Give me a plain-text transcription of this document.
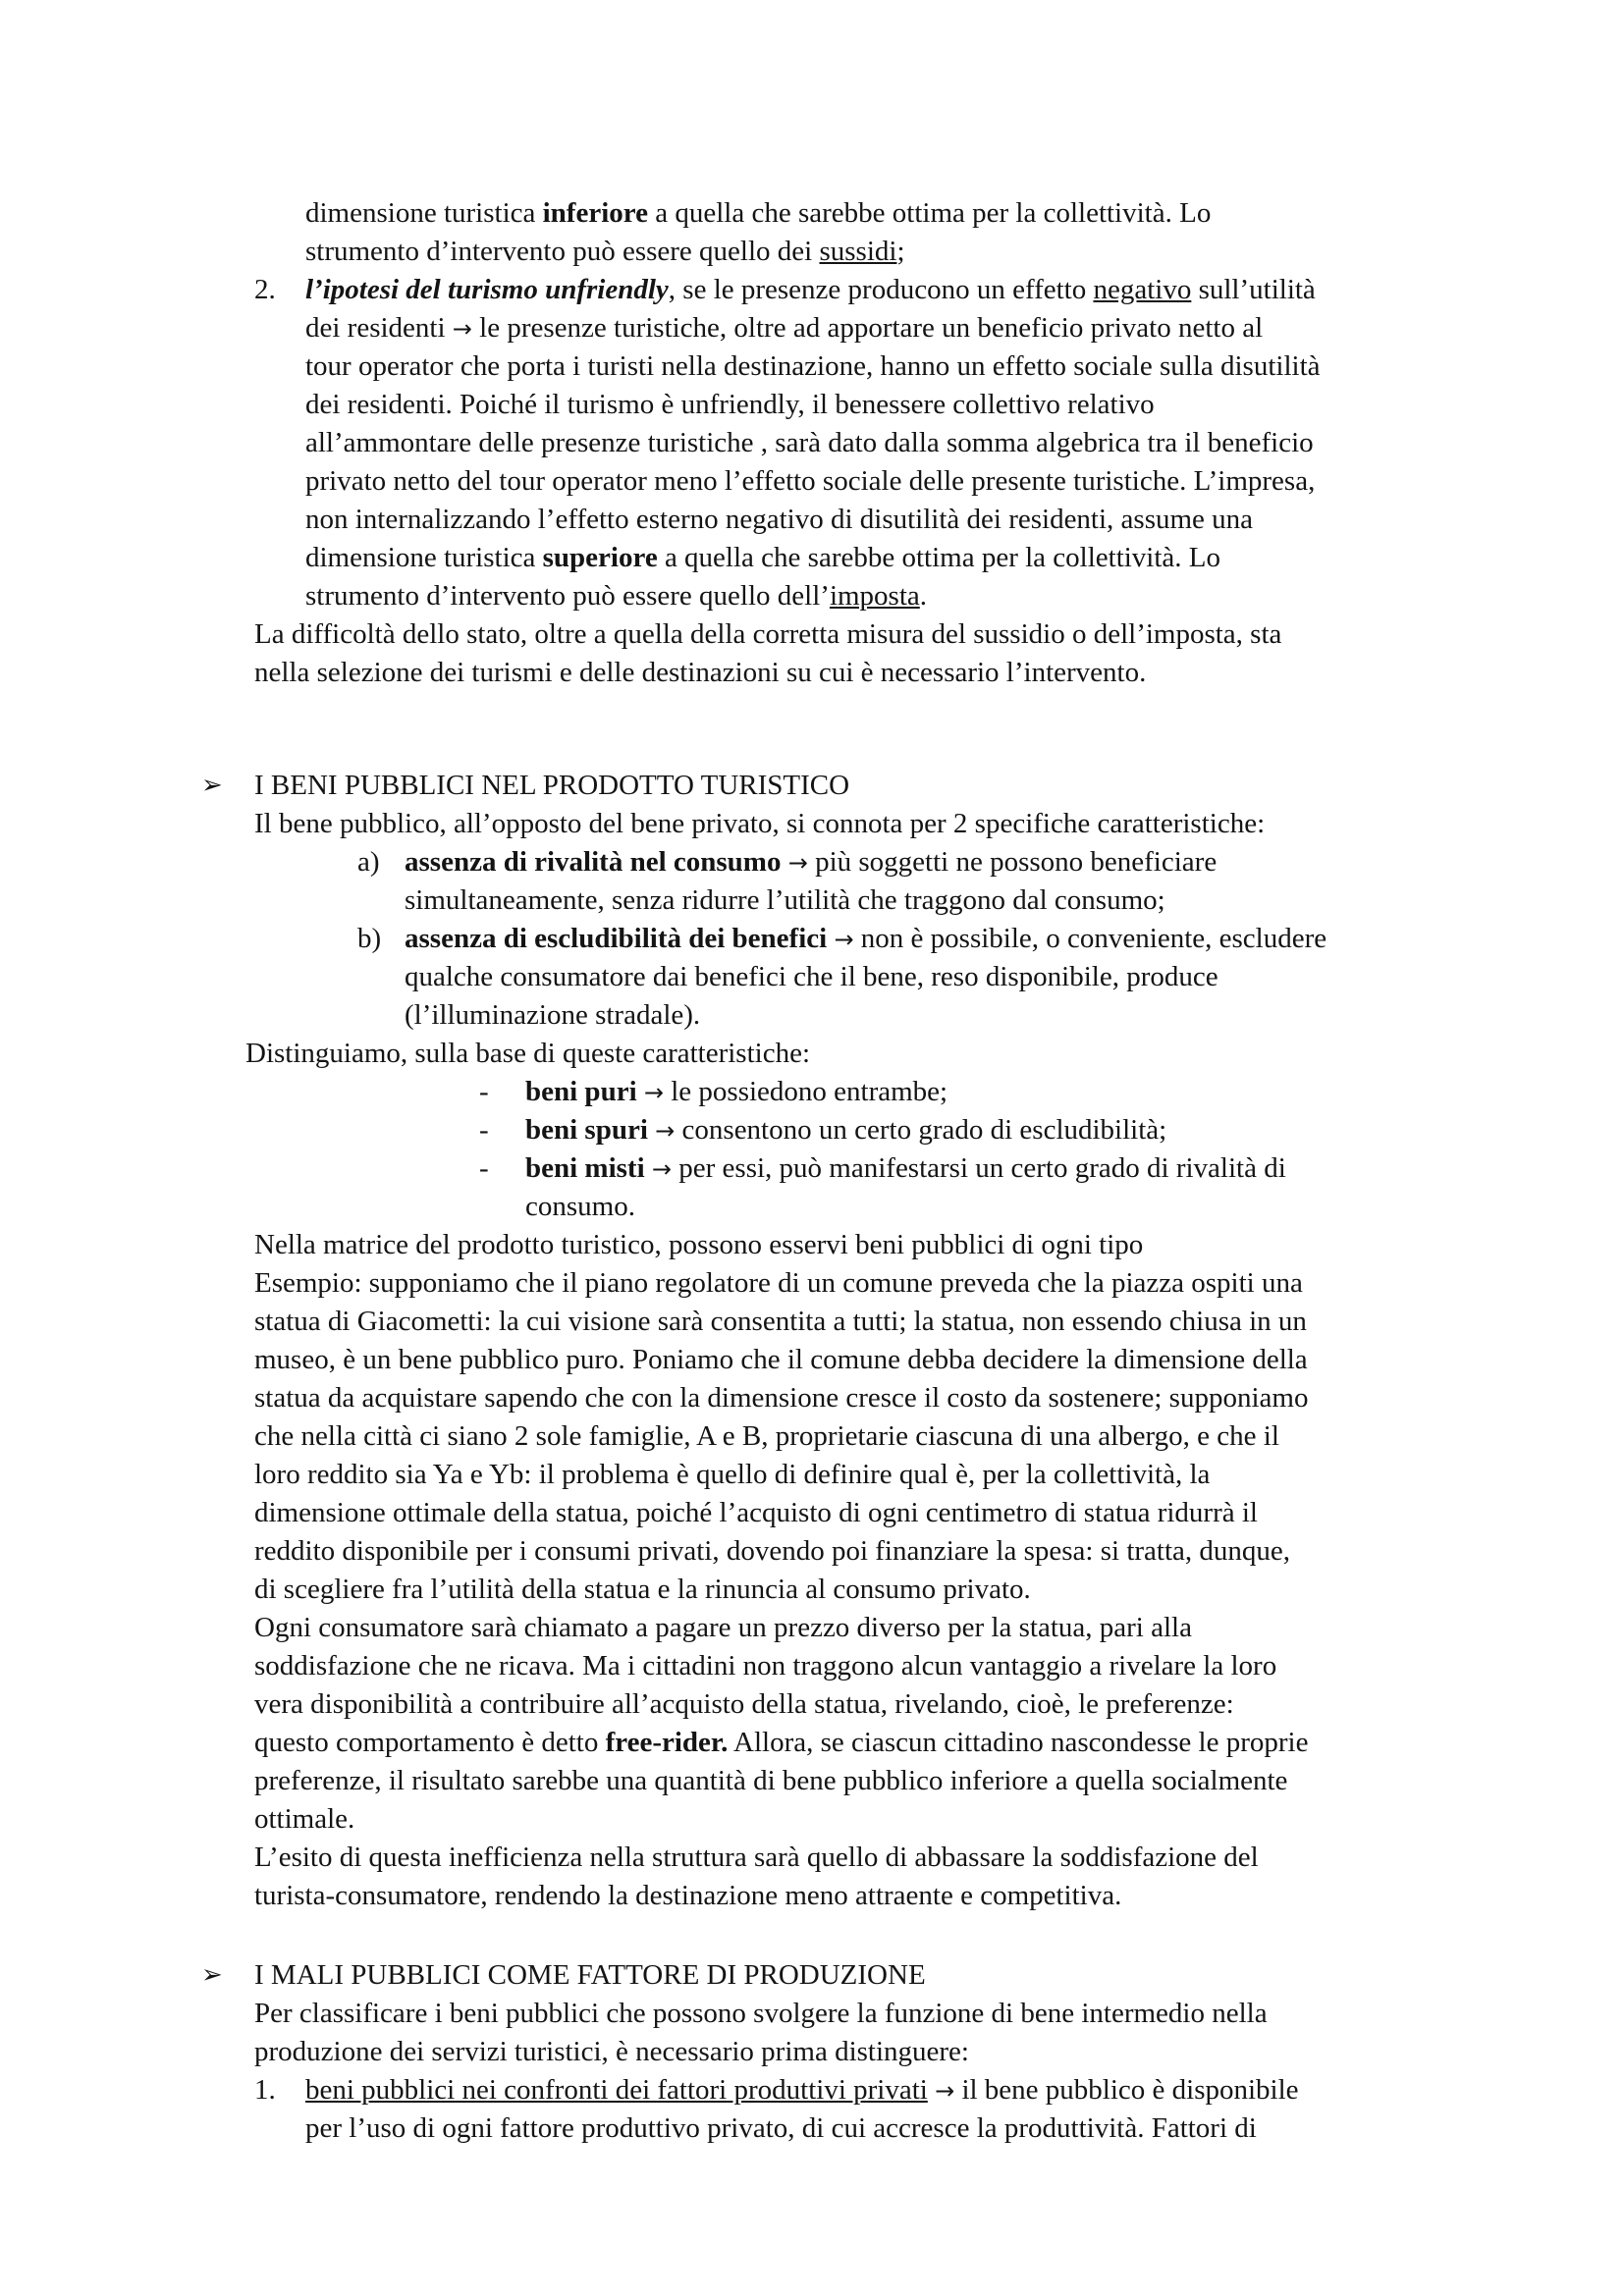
dimensione turistica inferiore a quella che sarebbe ottima per la collettività. Lo
strumento d’intervento può essere quello dei sussidi;
2. l’ipotesi del turismo unfriendly, se le presenze producono un effetto negativo sull’utilità
dei residenti → le presenze turistiche, oltre ad apportare un beneficio privato netto al
tour operator che porta i turisti nella destinazione, hanno un effetto sociale sulla disutilità
dei residenti. Poiché il turismo è unfriendly, il benessere collettivo relativo
all’ammontare delle presenze turistiche , sarà dato dalla somma algebrica tra il beneficio
privato netto del tour operator meno l’effetto sociale delle presente turistiche. L’impresa,
non internalizzando l’effetto esterno negativo di disutilità dei residenti, assume una
dimensione turistica superiore a quella che sarebbe ottima per la collettività. Lo
strumento d’intervento può essere quello dell’imposta.
La difficoltà dello stato, oltre a quella della corretta misura del sussidio o dell’imposta, sta
nella selezione dei turismi e delle destinazioni su cui è necessario l’intervento.
➢ I BENI PUBBLICI NEL PRODOTTO TURISTICO
Il bene pubblico, all’opposto del bene privato, si connota per 2 specifiche caratteristiche:
a) assenza di rivalità nel consumo → più soggetti ne possono beneficiare
simultaneamente, senza ridurre l’utilità che traggono dal consumo;
b) assenza di escludibilità dei benefici → non è possibile, o conveniente, escludere
qualche consumatore dai benefici che il bene, reso disponibile, produce
(l’illuminazione stradale).
Distinguiamo, sulla base di queste caratteristiche:
- beni puri → le possiedono entrambe;
- beni spuri → consentono un certo grado di escludibilità;
- beni misti → per essi, può manifestarsi un certo grado di rivalità di
consumo.
Nella matrice del prodotto turistico, possono esservi beni pubblici di ogni tipo
Esempio: supponiamo che il piano regolatore di un comune preveda che la piazza ospiti una
statua di Giacometti: la cui visione sarà consentita a tutti; la statua, non essendo chiusa in un
museo, è un bene pubblico puro. Poniamo che il comune debba decidere la dimensione della
statua da acquistare sapendo che con la dimensione cresce il costo da sostenere; supponiamo
che nella città ci siano 2 sole famiglie, A e B, proprietarie ciascuna di una albergo, e che il
loro reddito sia Ya e Yb: il problema è quello di definire qual è, per la collettività, la
dimensione ottimale della statua, poiché l’acquisto di ogni centimetro di statua ridurrà il
reddito disponibile per i consumi privati, dovendo poi finanziare la spesa: si tratta, dunque,
di scegliere fra l’utilità della statua e la rinuncia al consumo privato.
Ogni consumatore sarà chiamato a pagare un prezzo diverso per la statua, pari alla
soddisfazione che ne ricava. Ma i cittadini non traggono alcun vantaggio a rivelare la loro
vera disponibilità a contribuire all’acquisto della statua, rivelando, cioè, le preferenze:
questo comportamento è detto free-rider. Allora, se ciascun cittadino nascondesse le proprie
preferenze, il risultato sarebbe una quantità di bene pubblico inferiore a quella socialmente
ottimale.
L’esito di questa inefficienza nella struttura sarà quello di abbassare la soddisfazione del
turista-consumatore, rendendo la destinazione meno attraente e competitiva.
➢ I MALI PUBBLICI COME FATTORE DI PRODUZIONE
Per classificare i beni pubblici che possono svolgere la funzione di bene intermedio nella
produzione dei servizi turistici, è necessario prima distinguere:
1. beni pubblici nei confronti dei fattori produttivi privati → il bene pubblico è disponibile
per l’uso di ogni fattore produttivo privato, di cui accresce la produttività. Fattori di
